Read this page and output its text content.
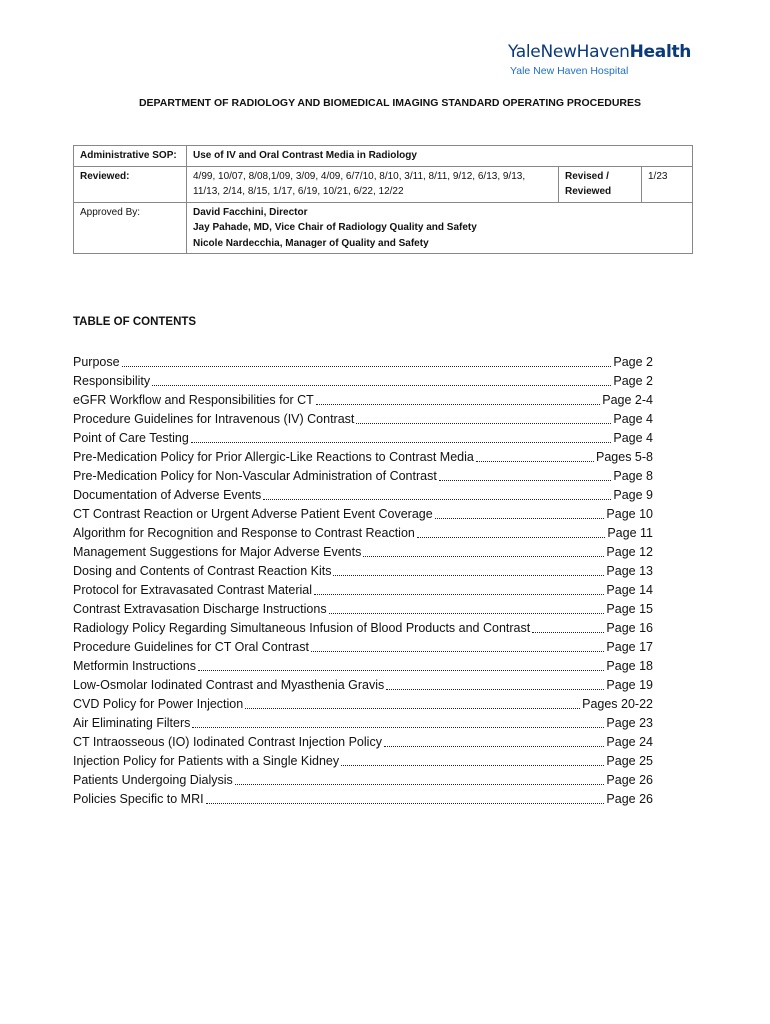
YaleNewHavenHealth
Yale New Haven Hospital
DEPARTMENT OF RADIOLOGY AND BIOMEDICAL IMAGING STANDARD OPERATING PROCEDURES
Administrative SOP:	Use of IV and Oral Contrast Media in Radiology		
Reviewed:	4/99, 10/07, 8/08,1/09, 3/09, 4/09, 6/7/10, 8/10, 3/11, 8/11, 9/12, 6/13, 9/13, 11/13, 2/14, 8/15, 1/17, 6/19, 10/21, 6/22, 12/22	Revised / Reviewed	1/23
Approved By:	David Facchini, Director
Jay Pahade, MD, Vice Chair of Radiology Quality and Safety
Nicole Nardecchia, Manager of Quality and Safety		
TABLE OF CONTENTS
Purpose	Page 2
Responsibility	Page 2
eGFR Workflow and Responsibilities for CT	Page 2-4
Procedure Guidelines for Intravenous (IV) Contrast	Page 4
Point of Care Testing	Page 4
Pre-Medication Policy for Prior Allergic-Like Reactions to Contrast Media	Pages 5-8
Pre-Medication Policy for Non-Vascular Administration of Contrast	Page 8
Documentation of Adverse Events	Page 9
CT Contrast Reaction or Urgent Adverse Patient Event Coverage	Page 10
Algorithm for Recognition and Response to Contrast Reaction	Page 11
Management Suggestions for Major Adverse Events	Page 12
Dosing and Contents of Contrast Reaction Kits	Page 13
Protocol for Extravasated Contrast Material	Page 14
Contrast Extravasation Discharge Instructions	Page 15
Radiology Policy Regarding Simultaneous Infusion of Blood Products and Contrast	Page 16
Procedure Guidelines for CT Oral Contrast	Page 17
Metformin Instructions	Page 18
Low-Osmolar Iodinated Contrast and Myasthenia Gravis	Page 19
CVD Policy for Power Injection	Pages 20-22
Air Eliminating Filters	Page 23
CT Intraosseous (IO) Iodinated Contrast Injection Policy	Page 24
Injection Policy for Patients with a Single Kidney	Page 25
Patients Undergoing Dialysis	Page 26
Policies Specific to MRI	Page 26
